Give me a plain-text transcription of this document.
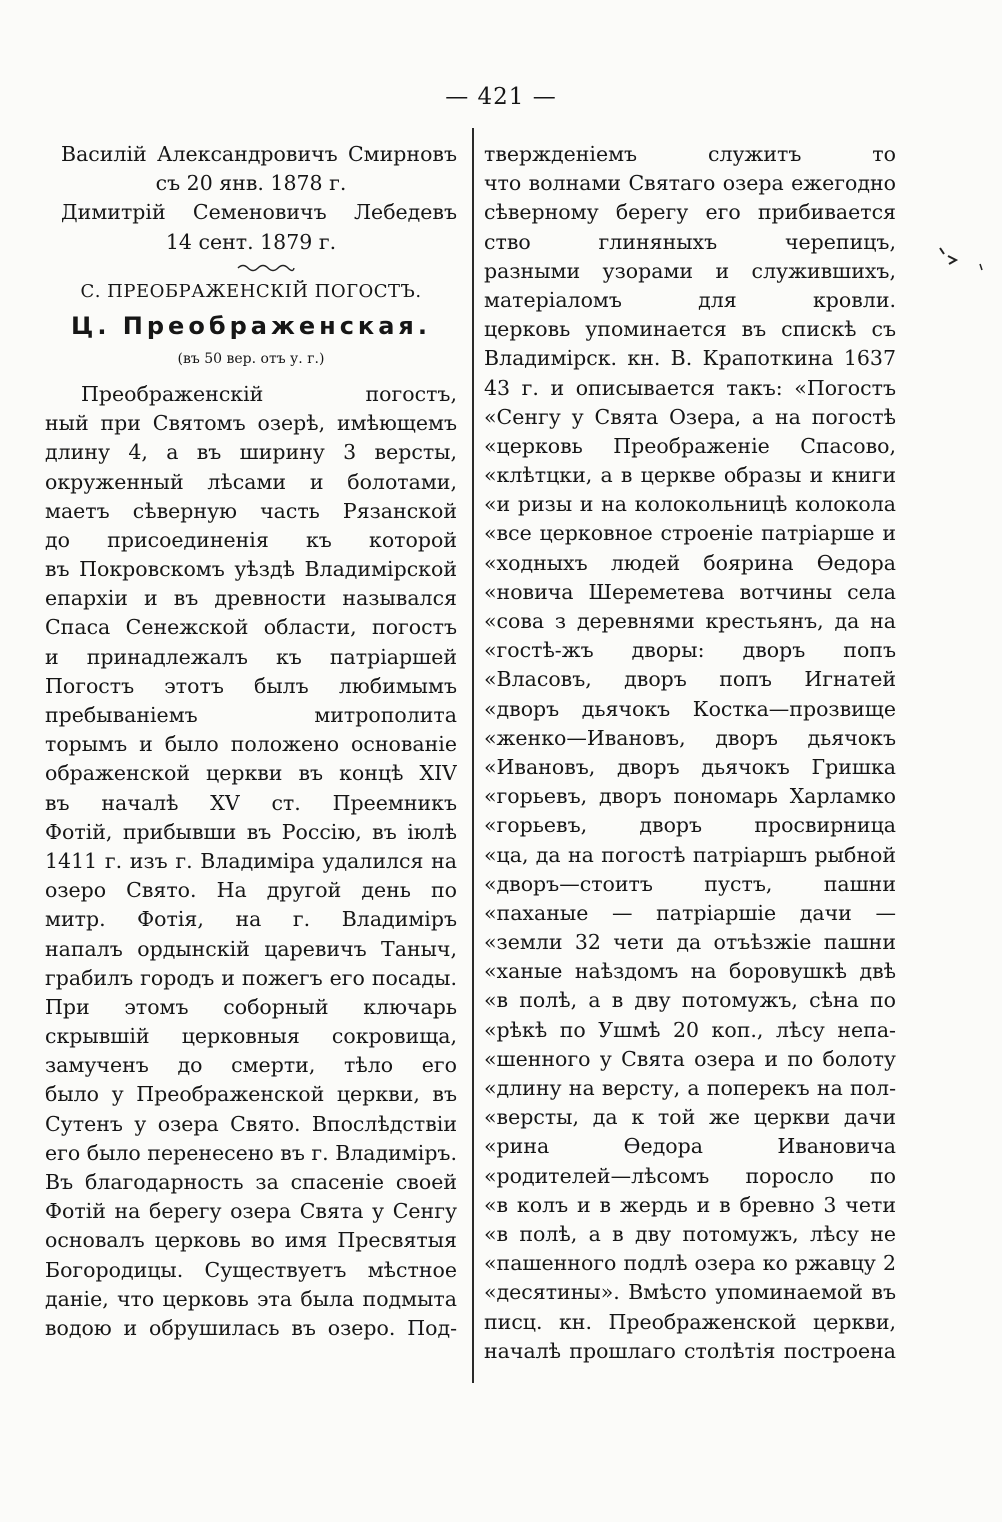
— 421 —
Василій Александровичъ Смирновъ
съ 20 янв. 1878 г.
Димитрій Семеновичъ Лебедевъ
14 сент. 1879 г.
С. ПРЕОБРАЖЕНСКІЙ ПОГОСТЪ.
Ц. Преображенская.
(въ 50 вер. отъ у. г.)
Преображенскій погостъ,
ный при Святомъ озерѣ, имѣющемъ
длину 4, а въ ширину 3 версты,
окруженный лѣсами и болотами,
маетъ сѣверную часть Рязанской
до присоединенія къ которой
въ Покровскомъ уѣздѣ Владимірской
епархіи и въ древности назывался
Спаса Сенежской области, погостъ
и принадлежалъ къ патріаршей
Погостъ этотъ былъ любимымъ
пребываніемъ митрополита
торымъ и было положено основаніе
ображенской церкви въ концѣ XIV
въ началѣ XV ст. Преемникъ
Фотій, прибывши въ Россію, въ іюлѣ
1411 г. изъ г. Владиміра удалился на
озеро Свято. На другой день по
митр. Фотія, на г. Владиміръ
напалъ ордынскій царевичъ Таныч,
грабилъ городъ и пожегъ его посады.
При этомъ соборный ключарь
скрывшій церковныя сокровища,
замученъ до смерти, тѣло его
было у Преображенской церкви, въ
Сутенъ у озера Свято. Впослѣдствіи
его было перенесено въ г. Владиміръ.
Въ благодарность за спасеніе своей
Фотій на берегу озера Свята у Сенгу
основалъ церковь во имя Пресвятыя
Богородицы. Существуетъ мѣстное
даніе, что церковь эта была подмыта
водою и обрушилась въ озеро. Под-
твержденіемъ служитъ то
что волнами Святаго озера ежегодно
сѣверному берегу его прибивается
ство глиняныхъ черепицъ,
разными узорами и служившихъ,
матеріаломъ для кровли.
церковь упоминается въ спискѣ съ
Владимірск. кн. В. Крапоткина 1637
43 г. и описывается такъ: «Погостъ
«Сенгу у Свята Озера, а на погостѣ
«церковь Преображеніе Спасово,
«клѣтцки, а в церкве образы и книги
«и ризы и на колокольницѣ колокола
«все церковное строеніе патріарше и
«ходныхъ людей боярина Ѳедора
«новича Шереметева вотчины села
«сова з деревнями крестьянъ, да на
«гостѣ-жъ дворы: дворъ попъ
«Власовъ, дворъ попъ Игнатей
«дворъ дьячокъ Костка—прозвище
«женко—Ивановъ, дворъ дьячокъ
«Ивановъ, дворъ дьячокъ Гришка
«горьевъ, дворъ пономарь Харламко
«горьевъ, дворъ просвирница
«ца, да на погостѣ патріаршъ рыбной
«дворъ—стоитъ пустъ, пашни
«паханые — патріаршіе дачи —
«земли 32 чети да отъѣзжіе пашни
«ханые наѣздомъ на боровушкѣ двѣ
«в полѣ, а в дву потомужъ, сѣна по
«рѣкѣ по Ушмѣ 20 коп., лѣсу непа-
«шенного у Свята озера и по болоту
«длину на версту, а поперекъ на пол-
«версты, да к той же церкви дачи
«рина Ѳедора Ивановича
«родителей—лѣсомъ поросло по
«в колъ и в жердь и в бревно 3 чети
«в полѣ, а в дву потомужъ, лѣсу не
«пашенного подлѣ озера ко ржавцу 2
«десятины». Вмѣсто упоминаемой въ
писц. кн. Преображенской церкви,
началѣ прошлаго столѣтія построена
